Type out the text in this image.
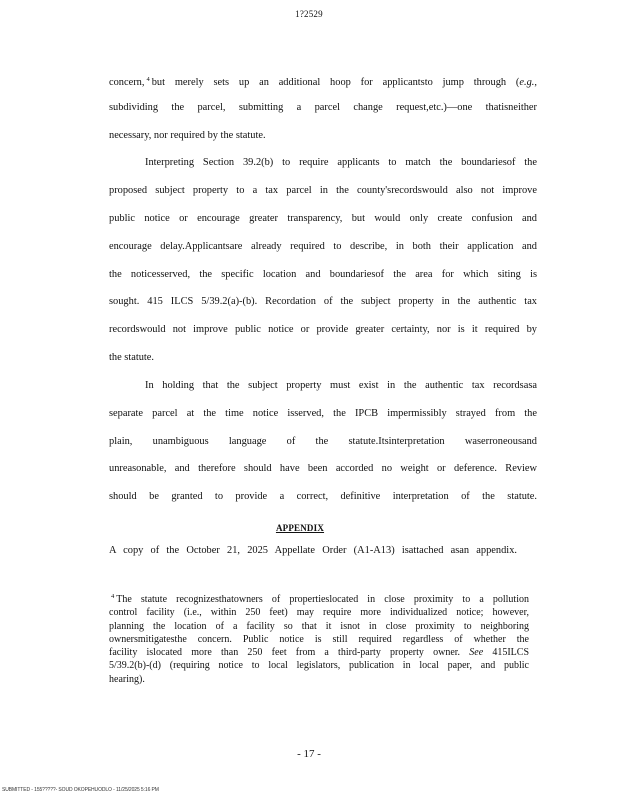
1?2529
concern, $^4$ but merely sets up an additional hoop for applicantsto jump through (e.g.,
subdividing the parcel, submitting a parcel change request,etc.)—one thatisneither
necessary, nor required by the statute.
Interpreting Section 39.2(b) to require applicants to match the boundariesof the
proposed subject property to a tax parcel in the county'srecordswould also not improve
public notice or encourage greater transparency, but would only create confusion and
encourage delay.Applicantsare already required to describe, in both their application and
the noticesserved, the specific location and boundariesof the area for which siting is
sought. 415 ILCS 5/39.2(a)-(b). Recordation of the subject property in the authentic tax
recordswould not improve public notice or provide greater certainty, nor is it required by
the statute.
In holding that the subject property must exist in the authentic tax recordsasa
separate parcel at the time notice isserved, the IPCB impermissibly strayed from the
plain, unambiguous language of the statute.Itsinterpretation waserroneousand
unreasonable, and therefore should have been accorded no weight or deference. Review
should be granted to provide a correct, definitive interpretation of the statute.
APPENDIX
A copy of the October 21, 2025 Appellate Order (A1-A13) isattached asan appendix.
$^4$ The statute recognizesthatowners of propertieslocated in close proximity to a pollution
control facility (i.e., within 250 feet) may require more individualized notice; however,
planning the location of a facility so that it isnot in close proximity to neighboring
ownersmitigatesthe concern. Public notice is still required regardless of whether the
facility islocated more than 250 feet from a third-party property owner. See 415ILCS
5/39.2(b)-(d) (requiring notice to local legislators, publication in local paper, and public
hearing).
- 17 -
SUBMITTED - 155?????- SOUD OKOPEHUODLO - 11/25/2025 5:16 PM
